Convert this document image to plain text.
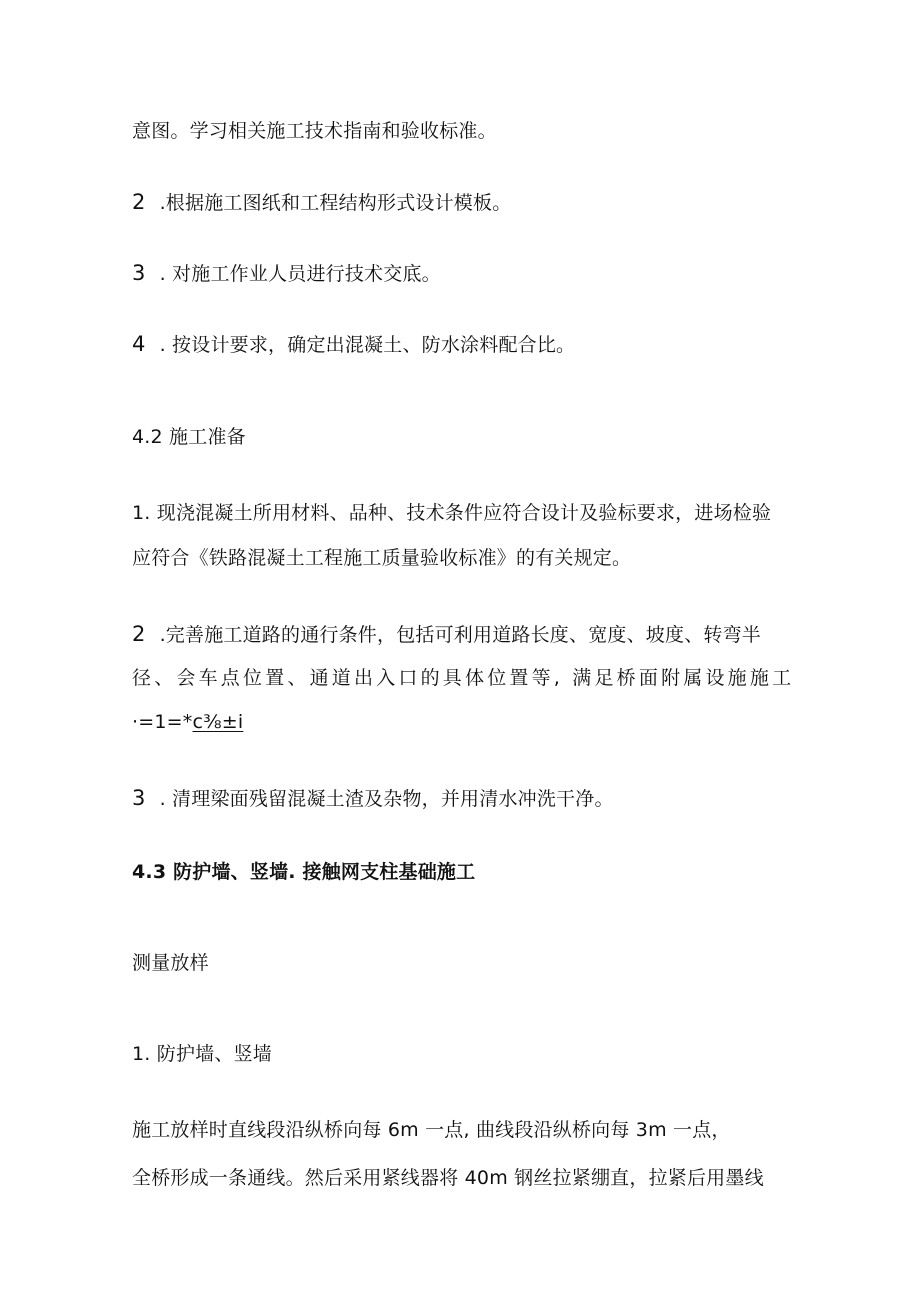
意图。学习相关施工技术指南和验收标准。
2 .根据施工图纸和工程结构形式设计模板。
3 . 对施工作业人员进行技术交底。
4 . 按设计要求，确定出混凝土、防水涂料配合比。
4.2 施工准备
1. 现浇混凝土所用材料、品种、技术条件应符合设计及验标要求，进场检验
应符合《铁路混凝土工程施工质量验收标准》的有关规定。
2 .完善施工道路的通行条件，包括可利用道路长度、宽度、坡度、转弯半
径、会车点位置、通道出入口的具体位置等, 满足桥面附属设施施工
·=1=*c⅜±i
3 . 清理梁面残留混凝土渣及杂物，并用清水冲洗干净。
4.3 防护墙、竖墙. 接触网支柱基础施工
测量放样
1. 防护墙、竖墙
施工放样时直线段沿纵桥向每 6m 一点, 曲线段沿纵桥向每 3m 一点，
全桥形成一条通线。然后采用紧线器将 40m 钢丝拉紧绷直，拉紧后用墨线
